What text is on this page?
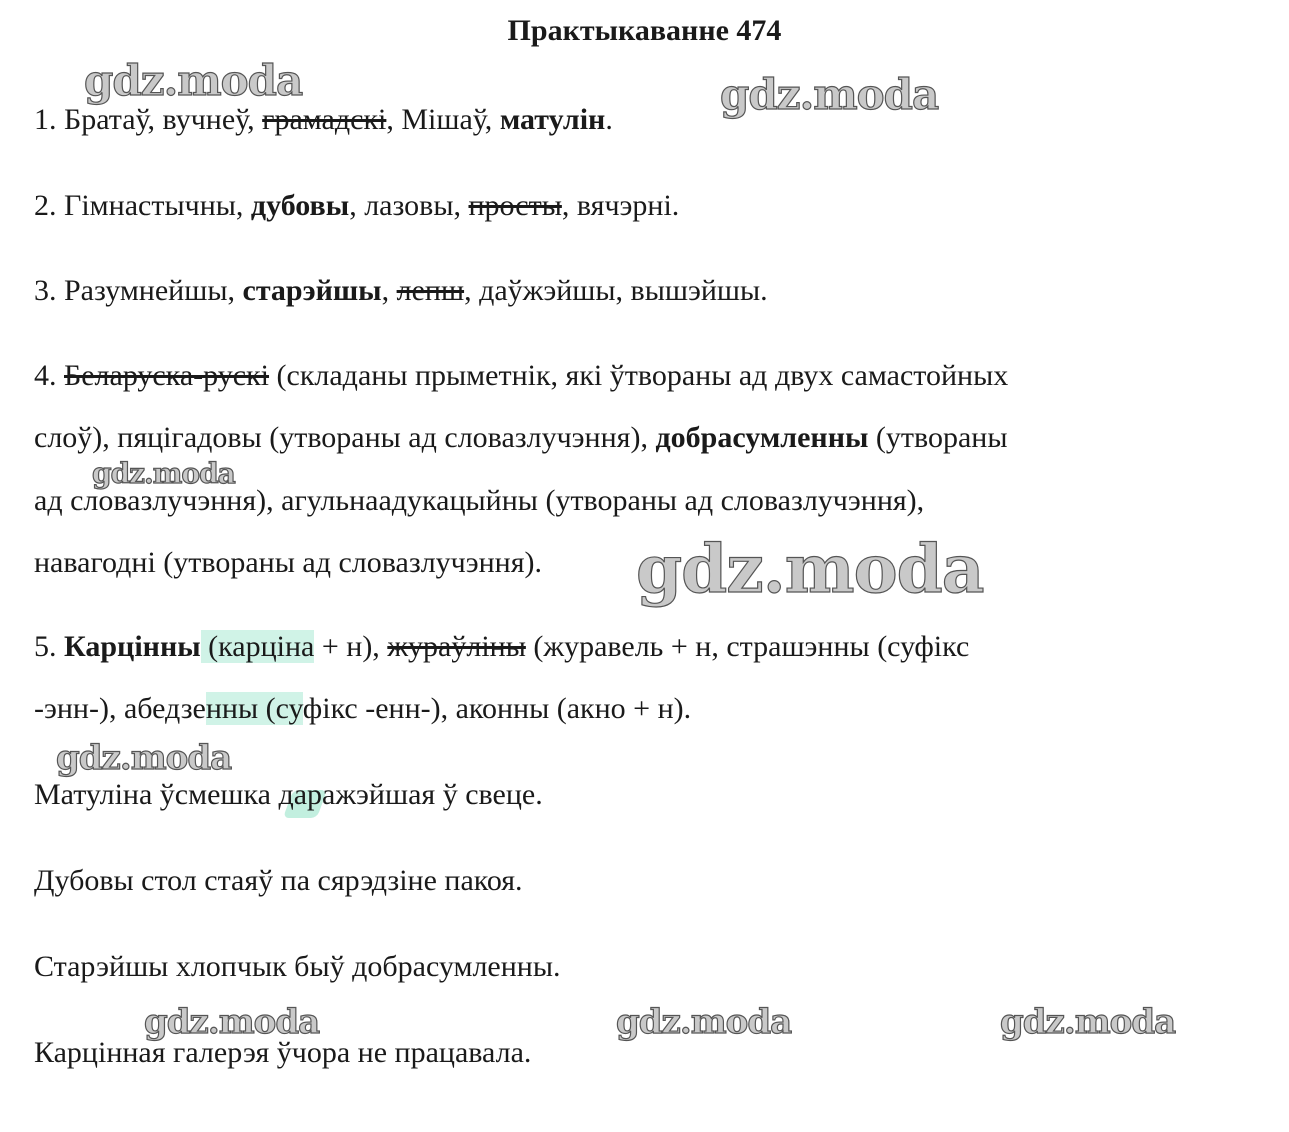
Практыкаванне 474
1. Братаў, вучнеў, грамадскі, Мішаў, матулін.
2. Гімнастычны, дубовы, лазовы, просты, вячэрні.
3. Разумнейшы, старэйшы, лепш, даўжэйшы, вышэйшы.
4. Беларуска-рускі (складаны прыметнік, які ўтвораны ад двух самастойных
слоў), пяцігадовы (утвораны ад словазлучэння), добрасумленны (утвораны
ад словазлучэння), агульнаадукацыйны (утвораны ад словазлучэння),
навагодні (утвораны ад словазлучэння).
5. Карцінны (карціна + н), жураўліны (журавель + н, страшэнны (суфікс
-энн-), абедзенны (суфікс -енн-), аконны (акно + н).
Матуліна ўсмешка даражэйшая ў свеце.
Дубовы стол стаяў па сярэдзіне пакоя.
Старэйшы хлопчык быў добрасумленны.
Карцінная галерэя ўчора не працавала.
gdz.moda	gdz.moda
gdz.moda
gdz.moda
gdz.moda
gdz.moda	gdz.moda	gdz.moda
